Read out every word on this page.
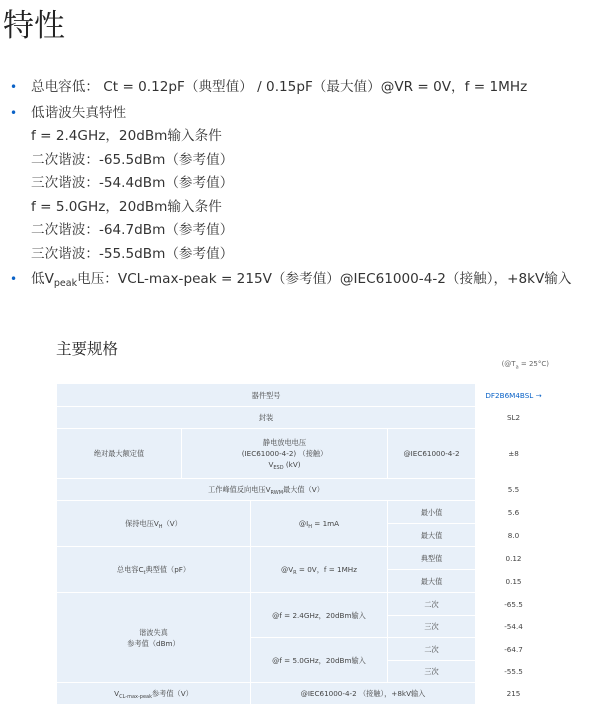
特性
• 总电容低： Ct = 0.12pF（典型值） / 0.15pF（最大值）@VR = 0V，f = 1MHz
• 低谐波失真特性
f = 2.4GHz，20dBm输入条件
二次谐波：-65.5dBm（参考值）
三次谐波：-54.4dBm（参考值）
f = 5.0GHz，20dBm输入条件
二次谐波：-64.7dBm（参考值）
三次谐波：-55.5dBm（参考值）
• 低$V_{peak}$电压：VCL-max-peak = 215V（参考值）@IEC61000-4-2（接触），+8kV输入
主要规格
$(@T_a = 25^\circ C)$
器件型号				DF2B6M4BSL →
封装				SL2
绝对最大额定值	静电放电电压
(IEC61000-4-2) （接触）
$V_{ESD}$ (kV)		@IEC61000-4-2	±8
工作峰值反向电压$V_{RWM}$最大值（V）				5.5
保持电压$V_H(V)$		$@I_H = 1mA$	最小值	5.6
			最大值	8.0
总电容$C_t$典型值（pF）		$@V_R = 0V$，f = 1MHz	典型值	0.12
			最大值	0.15

谐波失真
参考值（dBm）		@f = 2.4GHz，20dBm输入	二次	-65.5
			三次	-54.4
		@f = 5.0GHz，20dBm输入	二次	-64.7
			三次	-55.5
$V_{CL-max-peak}$参考值（V）		@IEC61000-4-2 （接触），+8kV输入		215
